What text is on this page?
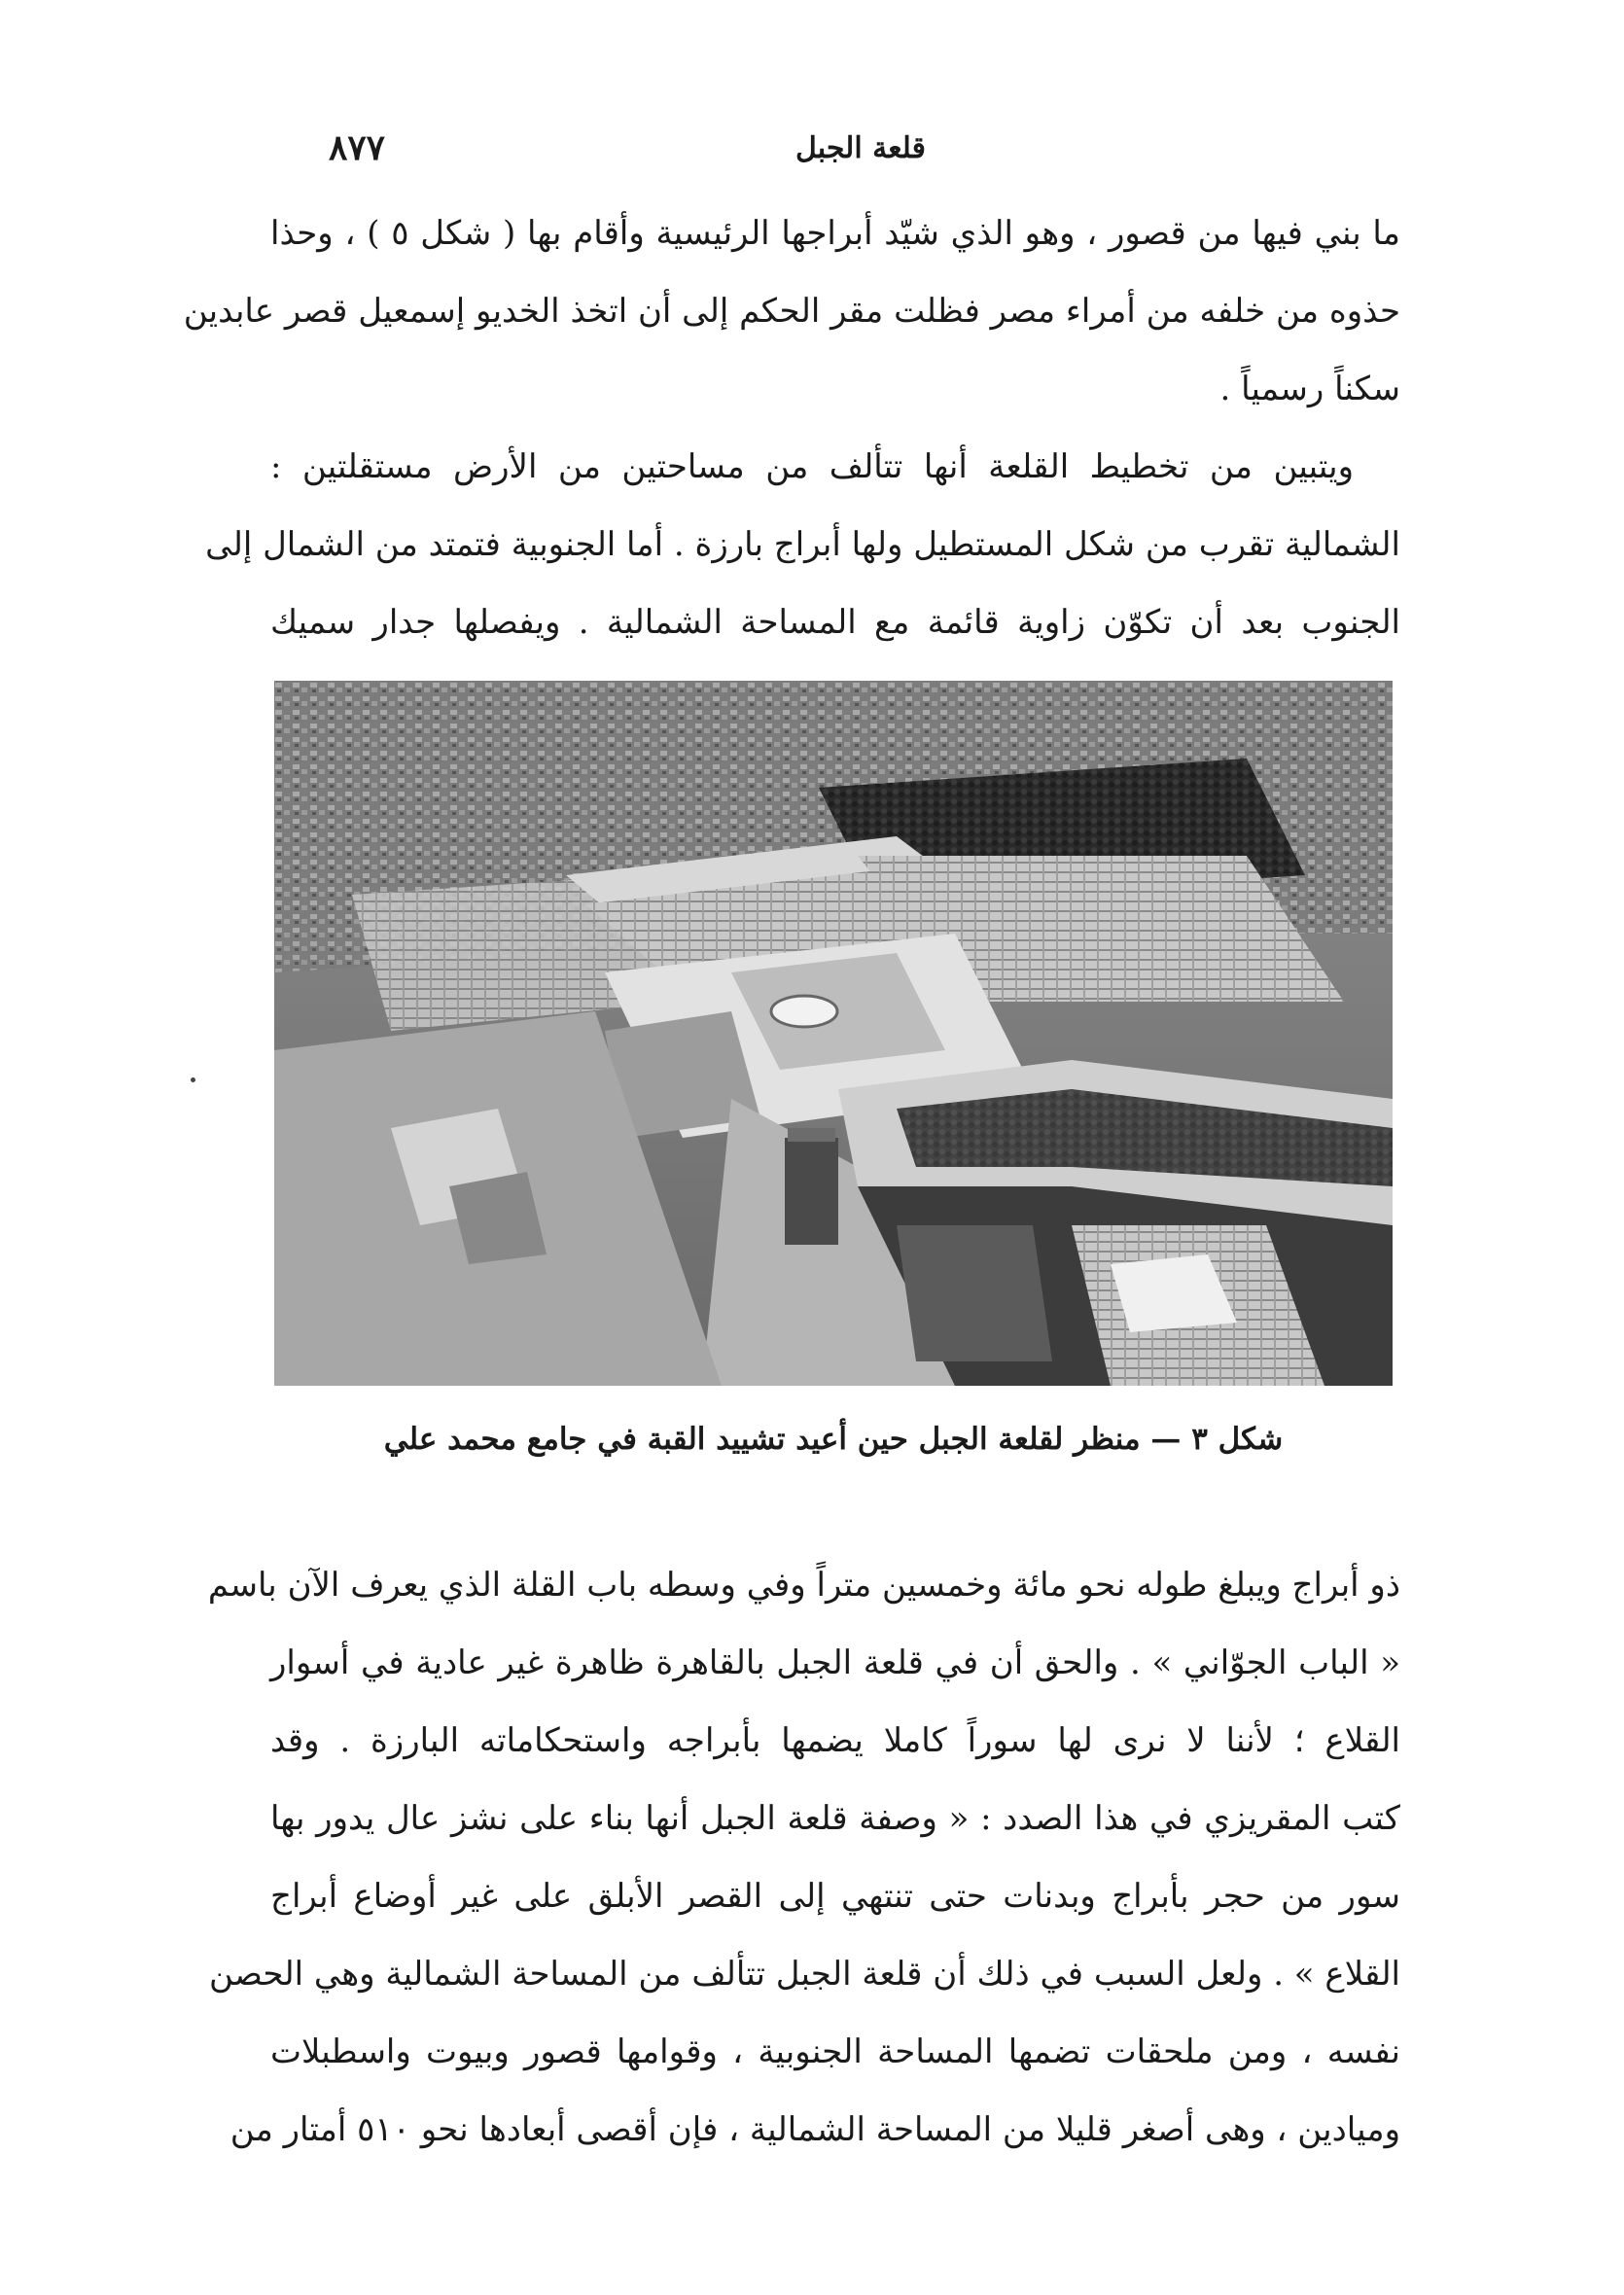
قلعة الجبل
٨٧٧

ما بني فيها من قصور ، وهو الذي شيّد أبراجها الرئيسية وأقام بها ( شكل ٥ ) ، وحذا
حذوه من خلفه من أمراء مصر فظلت مقر الحكم إلى أن اتخذ الخديو إسمعيل قصر عابدين
سكناً رسمياً .

ويتبين من تخطيط القلعة أنها تتألف من مساحتين من الأرض مستقلتين :
الشمالية تقرب من شكل المستطيل ولها أبراج بارزة . أما الجنوبية فتمتد من الشمال إلى
الجنوب بعد أن تكوّن زاوية قائمة مع المساحة الشمالية . ويفصلها جدار سميك

شكل ٣ — منظر لقلعة الجبل حين أعيد تشييد القبة في جامع محمد علي

ذو أبراج ويبلغ طوله نحو مائة وخمسين متراً وفي وسطه باب القلة الذي يعرف الآن باسم
« الباب الجوّاني » . والحق أن في قلعة الجبل بالقاهرة ظاهرة غير عادية في أسوار
القلاع ؛ لأننا لا نرى لها سوراً كاملا يضمها بأبراجه واستحكاماته البارزة . وقد
كتب المقريزي في هذا الصدد : « وصفة قلعة الجبل أنها بناء على نشز عال يدور بها
سور من حجر بأبراج وبدنات حتى تنتهي إلى القصر الأبلق على غير أوضاع أبراج
القلاع » . ولعل السبب في ذلك أن قلعة الجبل تتألف من المساحة الشمالية وهي الحصن
نفسه ، ومن ملحقات تضمها المساحة الجنوبية ، وقوامها قصور وبيوت واسطبلات
وميادين ، وهى أصغر قليلا من المساحة الشمالية ، فإن أقصى أبعادها نحو ٥١٠ أمتار من
